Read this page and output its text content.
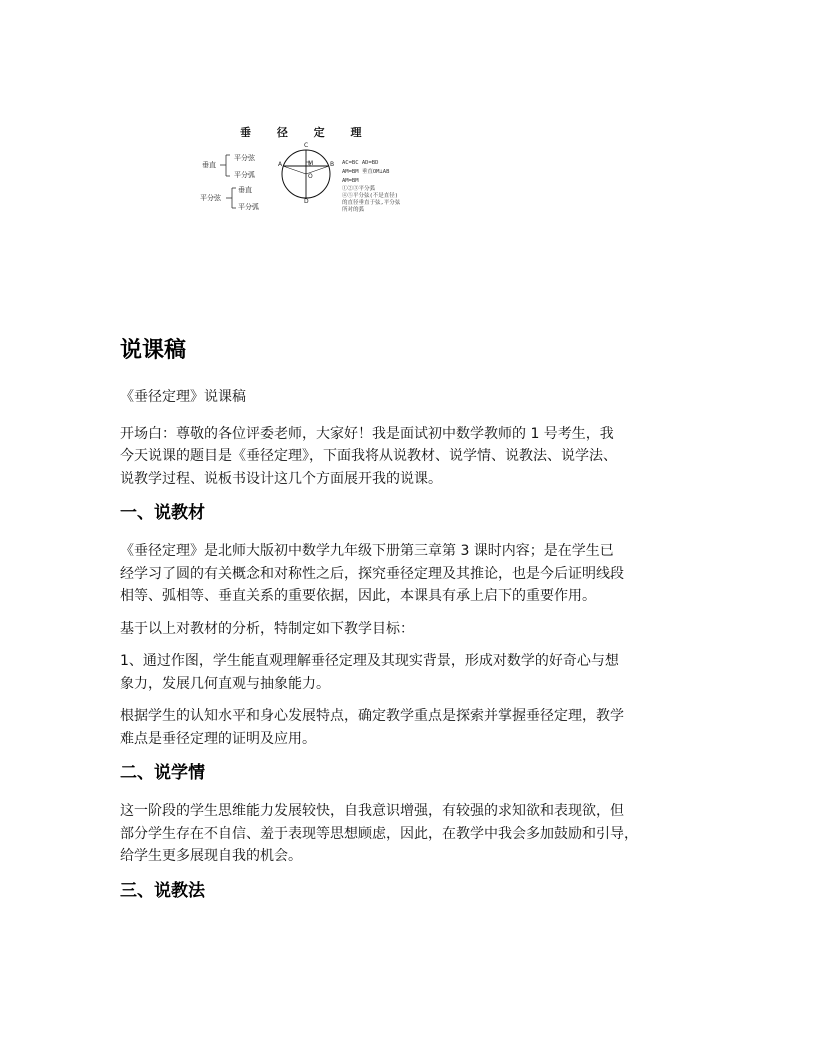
垂 径 定 理
垂直
平分弦
平分弧
平分弦
垂直
平分弧
C
A	B
O
M
D
AC=BC AD=BD
AM=BM 垂直OM⊥AB
AM=BM
①②③平分弧
④⑤平分弦(不是直径)
的直径垂直于弦,平分弦
所对的弧
说课稿

《垂径定理》说课稿

开场白：尊敬的各位评委老师，大家好！我是面试初中数学教师的 1 号考生，我
今天说课的题目是《垂径定理》，下面我将从说教材、说学情、说教法、说学法、
说教学过程、说板书设计这几个方面展开我的说课。

一、说教材

《垂径定理》是北师大版初中数学九年级下册第三章第 3 课时内容；是在学生已
经学习了圆的有关概念和对称性之后，探究垂径定理及其推论，也是今后证明线段
相等、弧相等、垂直关系的重要依据，因此，本课具有承上启下的重要作用。

基于以上对教材的分析，特制定如下教学目标：

1、通过作图，学生能直观理解垂径定理及其现实背景，形成对数学的好奇心与想
象力，发展几何直观与抽象能力。

根据学生的认知水平和身心发展特点，确定教学重点是探索并掌握垂径定理，教学
难点是垂径定理的证明及应用。

二、说学情

这一阶段的学生思维能力发展较快，自我意识增强，有较强的求知欲和表现欲，但
部分学生存在不自信、羞于表现等思想顾虑，因此，在教学中我会多加鼓励和引导，
给学生更多展现自我的机会。

三、说教法
